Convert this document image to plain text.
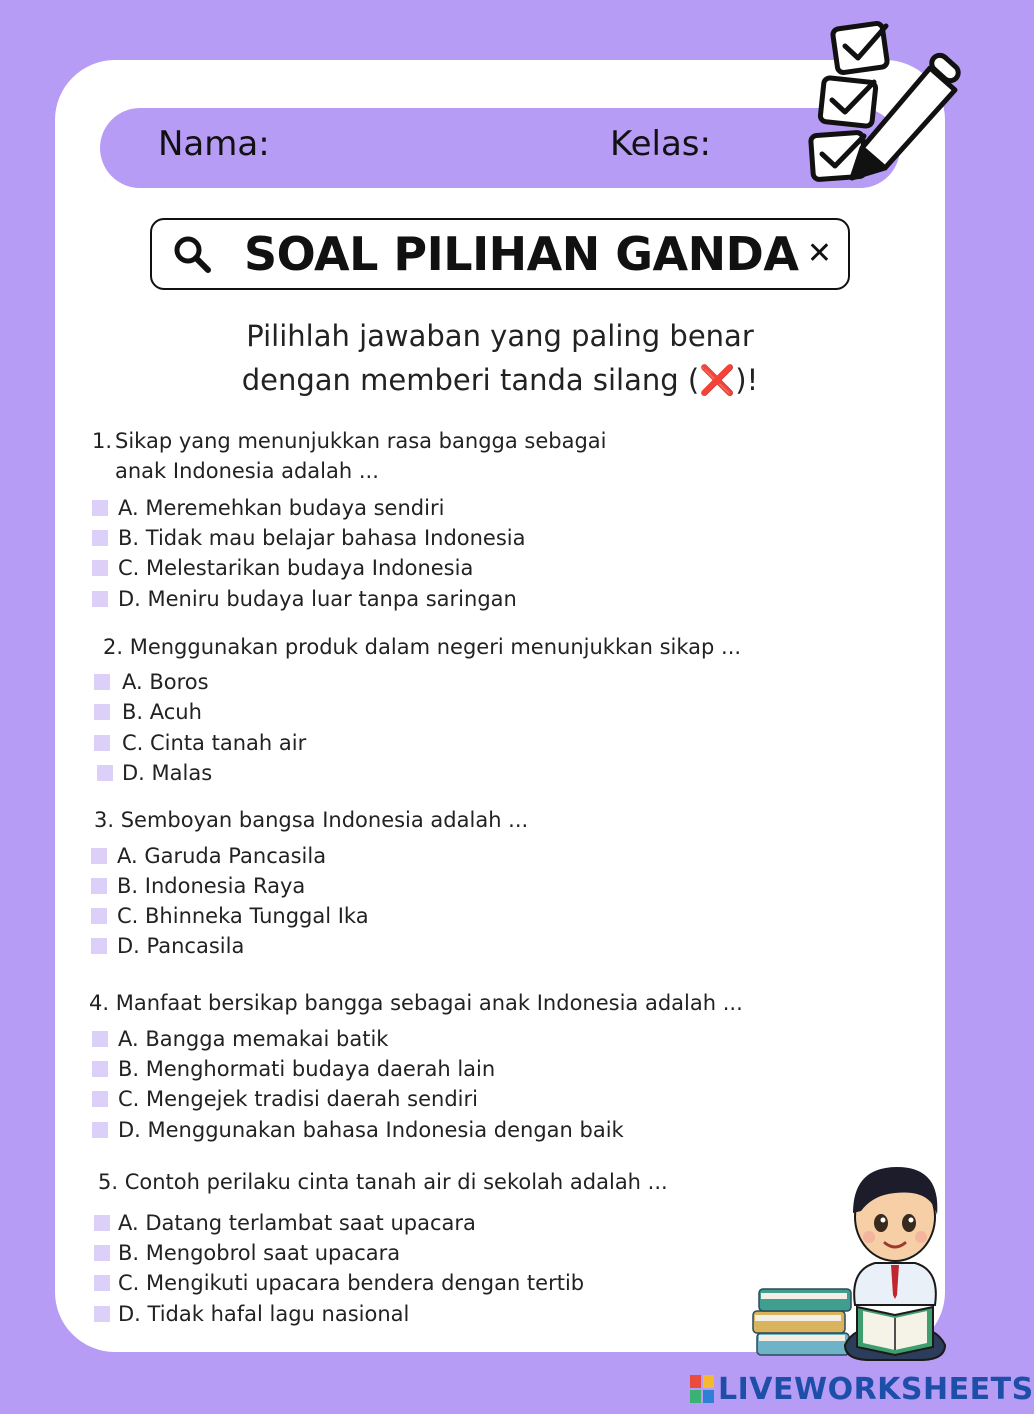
Nama:	Kelas:
SOAL PILIHAN GANDA ✕
Pilihlah jawaban yang paling benar
dengan memberi tanda silang (❌)!
1. Sikap yang menunjukkan rasa bangga sebagai
anak Indonesia adalah ...
A. Meremehkan budaya sendiri
B. Tidak mau belajar bahasa Indonesia
C. Melestarikan budaya Indonesia
D. Meniru budaya luar tanpa saringan
2. Menggunakan produk dalam negeri menunjukkan sikap ...
A. Boros
B. Acuh
C. Cinta tanah air
D. Malas
3. Semboyan bangsa Indonesia adalah ...
A. Garuda Pancasila
B. Indonesia Raya
C. Bhinneka Tunggal Ika
D. Pancasila
4. Manfaat bersikap bangga sebagai anak Indonesia adalah ...
A. Bangga memakai batik
B. Menghormati budaya daerah lain
C. Mengejek tradisi daerah sendiri
D. Menggunakan bahasa Indonesia dengan baik
5. Contoh perilaku cinta tanah air di sekolah adalah ...
A. Datang terlambat saat upacara
B. Mengobrol saat upacara
C. Mengikuti upacara bendera dengan tertib
D. Tidak hafal lagu nasional
LIVEWORKSHEETS
